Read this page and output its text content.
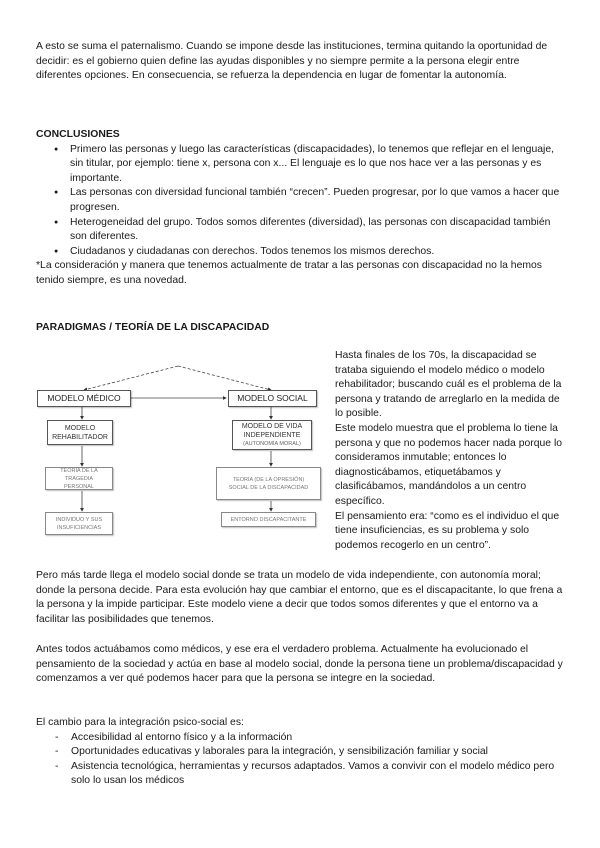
A esto se suma el paternalismo. Cuando se impone desde las instituciones, termina quitando la oportunidad de decidir: es el gobierno quien define las ayudas disponibles y no siempre permite a la persona elegir entre diferentes opciones. En consecuencia, se refuerza la dependencia en lugar de fomentar la autonomía.

CONCLUSIONES

● Primero las personas y luego las características (discapacidades), lo tenemos que reflejar en el lenguaje, sin titular, por ejemplo: tiene x, persona con x... El lenguaje es lo que nos hace ver a las personas y es importante.
● Las personas con diversidad funcional también “crecen”. Pueden progresar, por lo que vamos a hacer que progresen.
● Heterogeneidad del grupo. Todos somos diferentes (diversidad), las personas con discapacidad también son diferentes.
● Ciudadanos y ciudadanas con derechos. Todos tenemos los mismos derechos.

*La consideración y manera que tenemos actualmente de tratar a las personas con discapacidad no la hemos tenido siempre, es una novedad.

PARADIGMAS / TEORÍA DE LA DISCAPACIDAD

MODELO MÉDICO	MODELO SOCIAL
MODELO REHABILITADOR
TEORÍA DE LA TRAGEDIA PERSONAL
INDIVIDUO Y SUS INSUFICIENCIAS
MODELO DE VIDA INDEPENDIENTE
(AUTONOMÍA MORAL)
TEORÍA (DE LA OPRESIÓN) SOCIAL DE LA DISCAPACIDAD
ENTORNO DISCAPACITANTE

Hasta finales de los 70s, la discapacidad se trataba siguiendo el modelo médico o modelo rehabilitador; buscando cuál es el problema de la persona y tratando de arreglarlo en la medida de lo posible.

Este modelo muestra que el problema lo tiene la persona y que no podemos hacer nada porque lo consideramos inmutable; entonces lo diagnosticábamos, etiquetábamos y clasificábamos, mandándolos a un centro específico.

El pensamiento era: “como es el individuo el que tiene insuficiencias, es su problema y solo podemos recogerlo en un centro”.

Pero más tarde llega el modelo social donde se trata un modelo de vida independiente, con autonomía moral; donde la persona decide. Para esta evolución hay que cambiar el entorno, que es el discapacitante, lo que frena a la persona y la impide participar. Este modelo viene a decir que todos somos diferentes y que el entorno va a facilitar las posibilidades que tenemos.

Antes todos actuábamos como médicos, y ese era el verdadero problema. Actualmente ha evolucionado el pensamiento de la sociedad y actúa en base al modelo social, donde la persona tiene un problema/discapacidad y comenzamos a ver qué podemos hacer para que la persona se integre en la sociedad.

El cambio para la integración psico-social es:

- Accesibilidad al entorno físico y a la información
- Oportunidades educativas y laborales para la integración, y sensibilización familiar y social
- Asistencia tecnológica, herramientas y recursos adaptados. Vamos a convivir con el modelo médico pero solo lo usan los médicos
